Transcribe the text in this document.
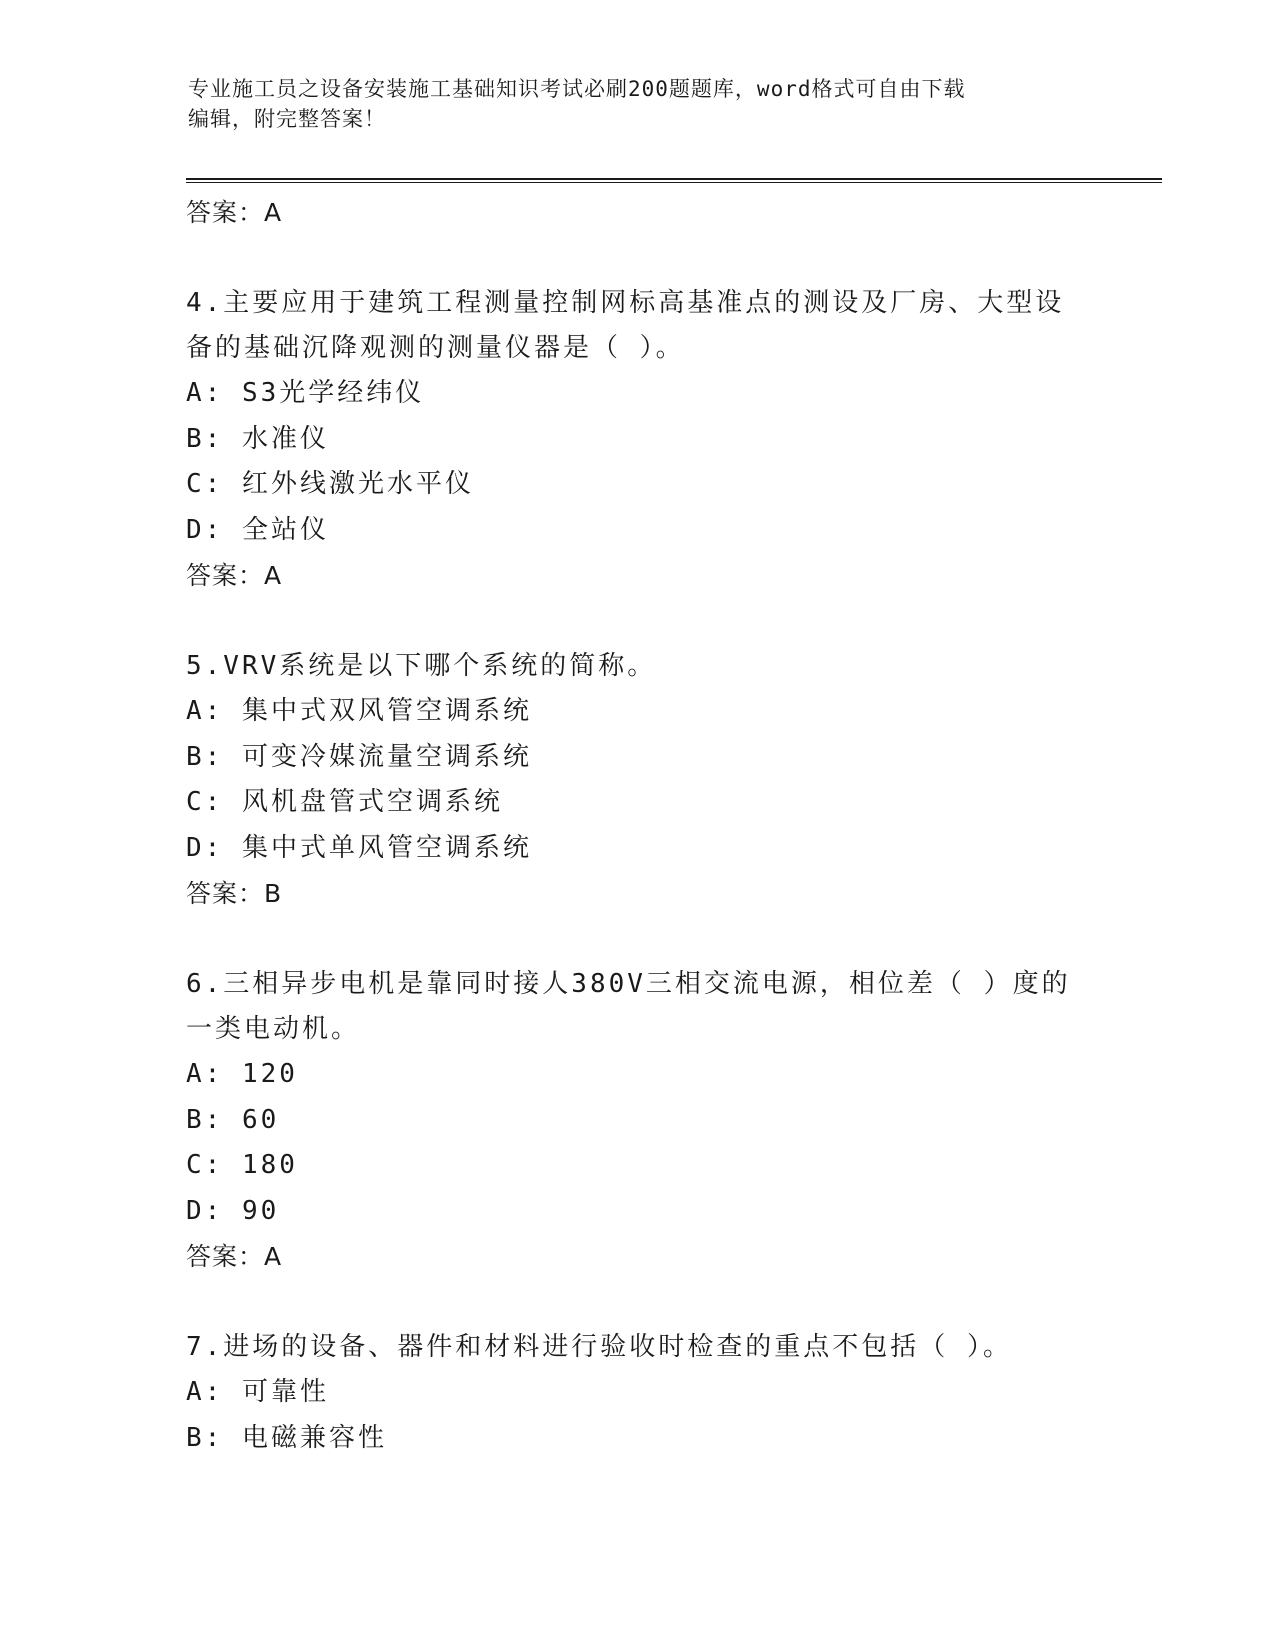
专业施工员之设备安装施工基础知识考试必刷200题题库，word格式可自由下载
编辑，附完整答案！
答案：A
4.主要应用于建筑工程测量控制网标高基准点的测设及厂房、大型设
备的基础沉降观测的测量仪器是（ ）。
A: S3光学经纬仪
B: 水准仪
C: 红外线激光水平仪
D: 全站仪
答案：A
5.VRV系统是以下哪个系统的简称。
A: 集中式双风管空调系统
B: 可变冷媒流量空调系统
C: 风机盘管式空调系统
D: 集中式单风管空调系统
答案：B
6.三相异步电机是靠同时接人380V三相交流电源，相位差（ ）度的
一类电动机。
A: 120
B: 60
C: 180
D: 90
答案：A
7.进场的设备、器件和材料进行验收时检查的重点不包括（ ）。
A: 可靠性
B: 电磁兼容性
